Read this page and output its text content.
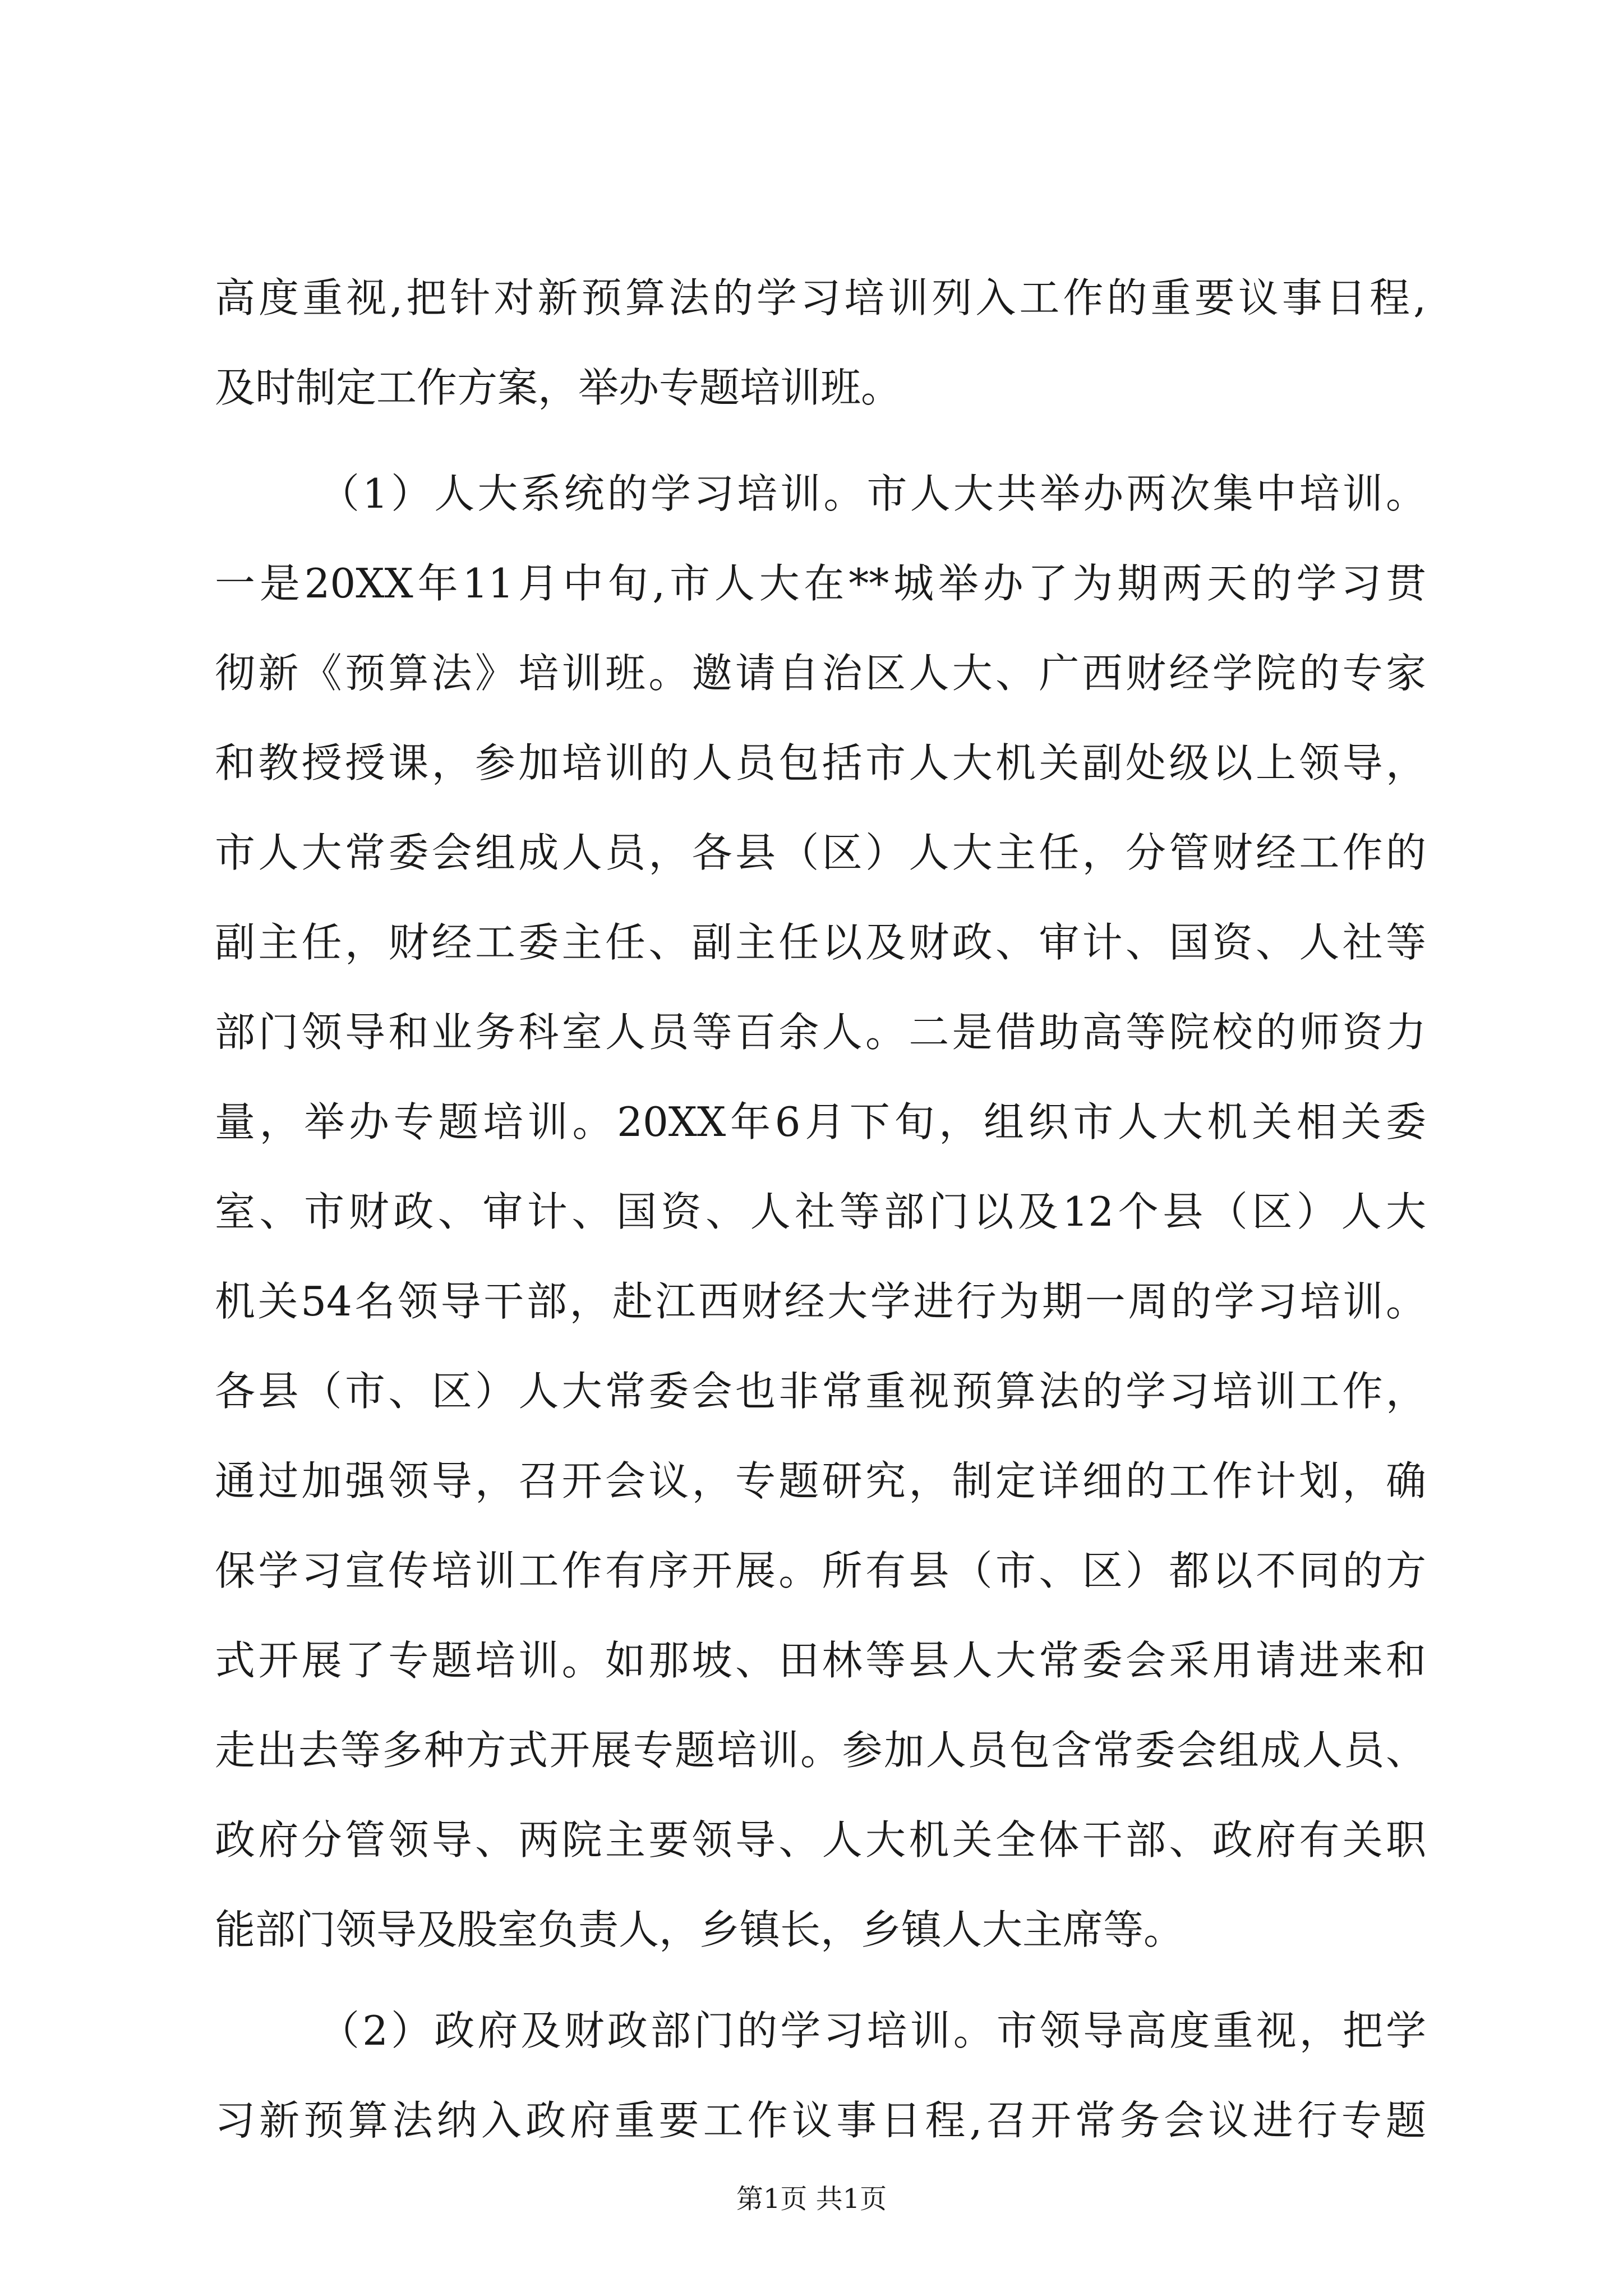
高度重视,把针对新预算法的学习培训列入工作的重要议事日程,
及时制定工作方案，举办专题培训班。
（1）人大系统的学习培训。市人大共举办两次集中培训。
一是20XX年11月中旬,市人大在**城举办了为期两天的学习贯
彻新《预算法》培训班。邀请自治区人大、广西财经学院的专家
和教授授课，参加培训的人员包括市人大机关副处级以上领导，
市人大常委会组成人员，各县（区）人大主任，分管财经工作的
副主任，财经工委主任、副主任以及财政、审计、国资、人社等
部门领导和业务科室人员等百余人。二是借助高等院校的师资力
量，举办专题培训。20XX年6月下旬，组织市人大机关相关委
室、市财政、审计、国资、人社等部门以及12个县（区）人大
机关54名领导干部，赴江西财经大学进行为期一周的学习培训。
各县（市、区）人大常委会也非常重视预算法的学习培训工作，
通过加强领导，召开会议，专题研究，制定详细的工作计划，确
保学习宣传培训工作有序开展。所有县（市、区）都以不同的方
式开展了专题培训。如那坡、田林等县人大常委会采用请进来和
走出去等多种方式开展专题培训。参加人员包含常委会组成人员、
政府分管领导、两院主要领导、人大机关全体干部、政府有关职
能部门领导及股室负责人，乡镇长，乡镇人大主席等。
（2）政府及财政部门的学习培训。市领导高度重视，把学
习新预算法纳入政府重要工作议事日程,召开常务会议进行专题
第1页 共1页
